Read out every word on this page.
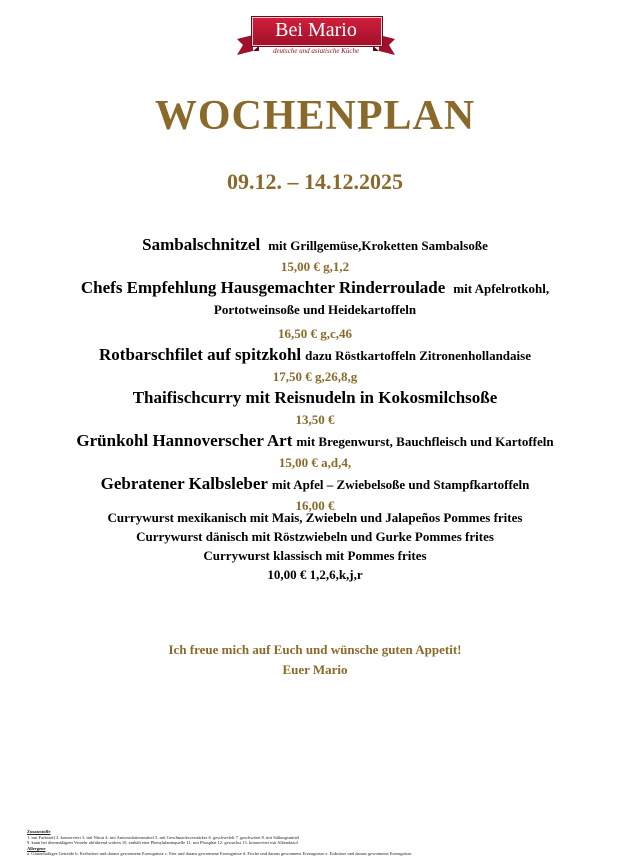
Bei Mario
deutsche und asiatische Küche
WOCHENPLAN
09.12. – 14.12.2025
Sambalschnitzel mit Grillgemüse,Kroketten Sambalsoße
15,00 € g,1,2
Chefs Empfehlung Hausgemachter Rinderroulade mit Apfelrotkohl,
Portotweinsoße und Heidekartoffeln
16,50 € g,c,46
Rotbarschfilet auf spitzkohl dazu Röstkartoffeln Zitronenhollandaise
17,50 € g,26,8,g
Thaifischcurry mit Reisnudeln in Kokosmilchsoße
13,50 €
Grünkohl Hannoverscher Art mit Bregenwurst, Bauchfleisch und Kartoffeln
15,00 € a,d,4,
Gebratener Kalbsleber mit Apfel – Zwiebelsoße und Stampfkartoffeln
16,00 €
Currywurst mexikanisch mit Mais, Zwiebeln und Jalapeños Pommes frites
Currywurst dänisch mit Röstzwiebeln und Gurke Pommes frites
Currywurst klassisch mit Pommes frites
10,00 € 1,2,6,k,j,r
Ich freue mich auf Euch und wünsche guten Appetit!
Euer Mario
Zusatzstoffe
1. mit Farbstoff 2. konserviert 3. mit Nitrat 4. mit Antioxidationsmittel 5. mit Geschmacksverstärker 6. geschwefelt 7. geschwärzt 8. mit Süßungsmittel
9. kann bei übermäßigem Verzehr abführend wirken 10. enthält eine Phenylalaninquelle 11. mit Phosphat 12. gewachst 13. konserviert mit Albendazol
Allergene
a. Glutenhaltiges Getreide b. Krebstiere und daraus gewonnene Erzeugnisse c. Eier und daraus gewonnene Erzeugnisse d. Fische und daraus gewonnene Erzeugnisse e. Erdnüsse und daraus gewonnene Erzeugnisse
